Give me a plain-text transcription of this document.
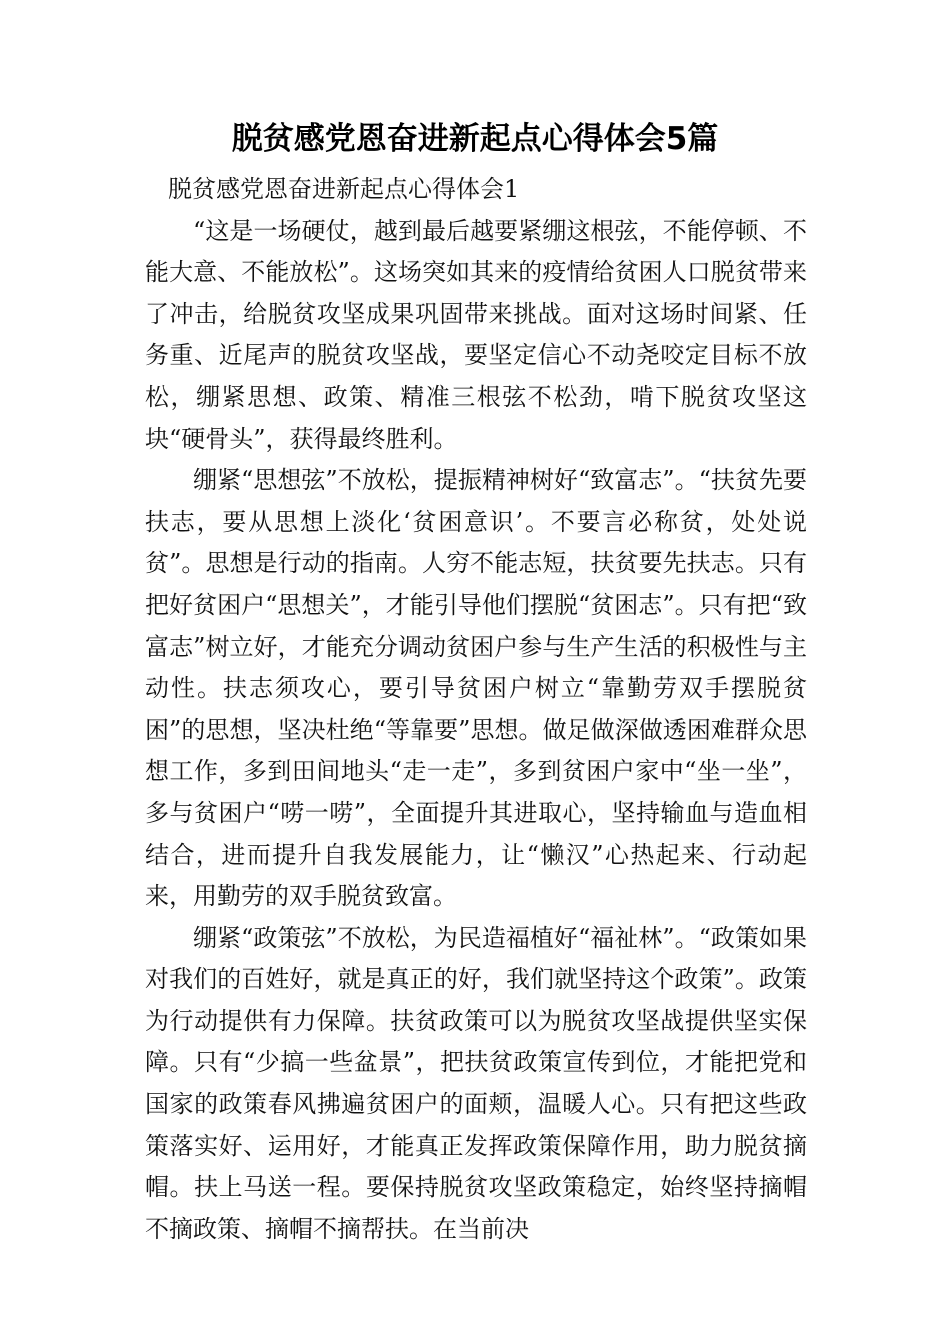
脱贫感党恩奋进新起点心得体会5篇

脱贫感党恩奋进新起点心得体会1

“这是一场硬仗，越到最后越要紧绷这根弦，不能停顿、不能大意、不能放松”。这场突如其来的疫情给贫困人口脱贫带来了冲击，给脱贫攻坚成果巩固带来挑战。面对这场时间紧、任务重、近尾声的脱贫攻坚战，要坚定信心不动尧咬定目标不放松，绷紧思想、政策、精准三根弦不松劲，啃下脱贫攻坚这块“硬骨头”，获得最终胜利。

绷紧“思想弦”不放松，提振精神树好“致富志”。“扶贫先要扶志，要从思想上淡化‘贫困意识’。不要言必称贫，处处说贫”。思想是行动的指南。人穷不能志短，扶贫要先扶志。只有把好贫困户“思想关”，才能引导他们摆脱“贫困志”。只有把“致富志”树立好，才能充分调动贫困户参与生产生活的积极性与主动性。扶志须攻心，要引导贫困户树立“靠勤劳双手摆脱贫困”的思想，坚决杜绝“等靠要”思想。做足做深做透困难群众思想工作，多到田间地头“走一走”，多到贫困户家中“坐一坐”，多与贫困户“唠一唠”，全面提升其进取心，坚持输血与造血相结合，进而提升自我发展能力，让“懒汉”心热起来、行动起来，用勤劳的双手脱贫致富。

绷紧“政策弦”不放松，为民造福植好“福祉林”。“政策如果对我们的百姓好，就是真正的好，我们就坚持这个政策”。政策为行动提供有力保障。扶贫政策可以为脱贫攻坚战提供坚实保障。只有“少搞一些盆景”，把扶贫政策宣传到位，才能把党和国家的政策春风拂遍贫困户的面颊，温暖人心。只有把这些政策落实好、运用好，才能真正发挥政策保障作用，助力脱贫摘帽。扶上马送一程。要保持脱贫攻坚政策稳定，始终坚持摘帽不摘政策、摘帽不摘帮扶。在当前决
